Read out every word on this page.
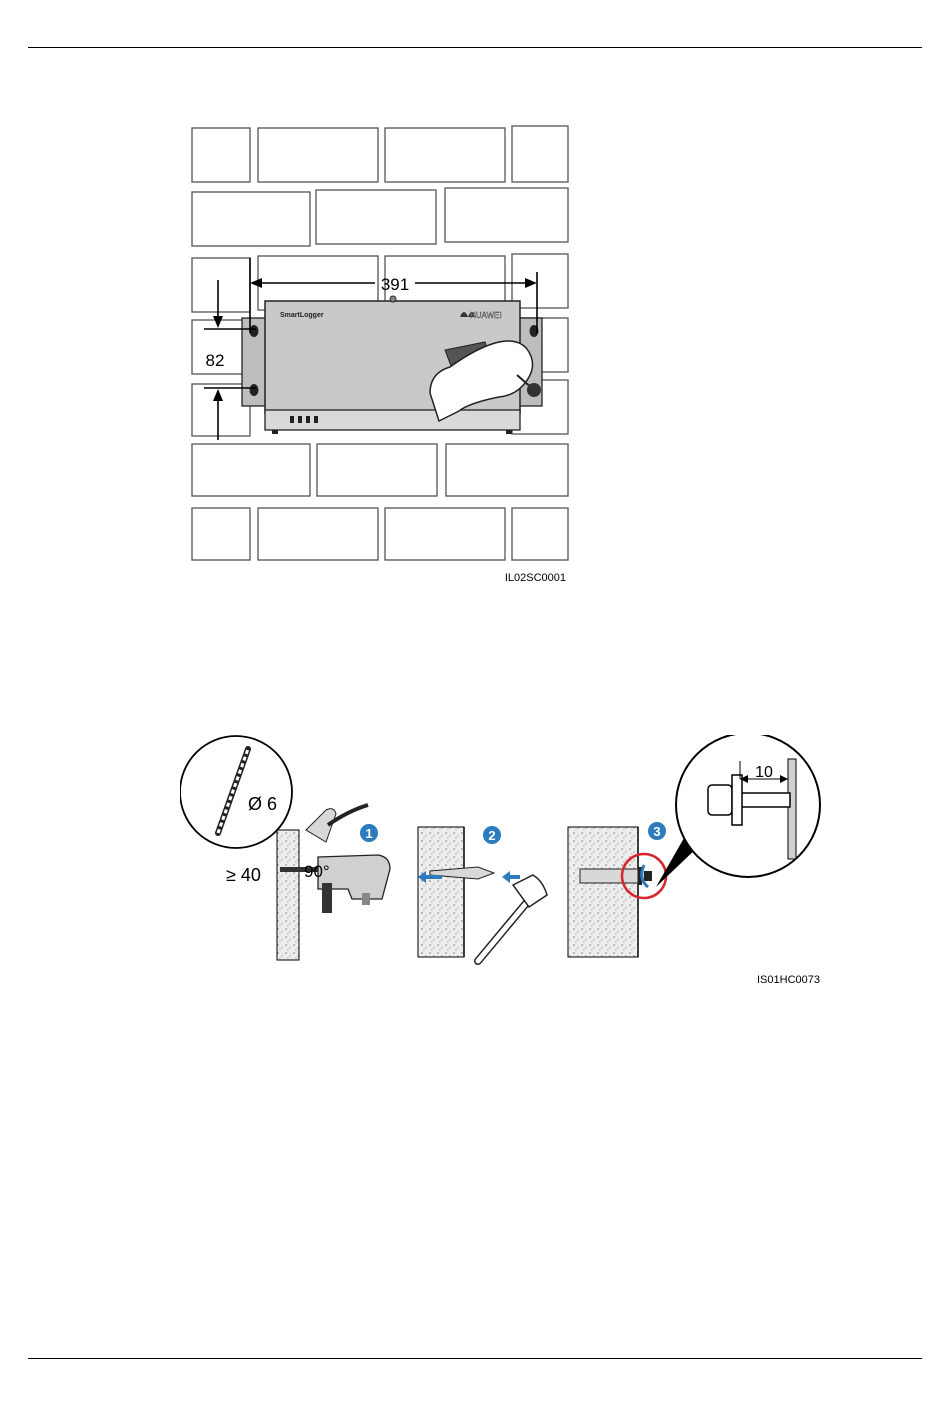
SmartLogger	HUAWEI
391
82
IL02SC0001
Ø 6
≥ 40	90°
1	2	3
10
IS01HC0073
